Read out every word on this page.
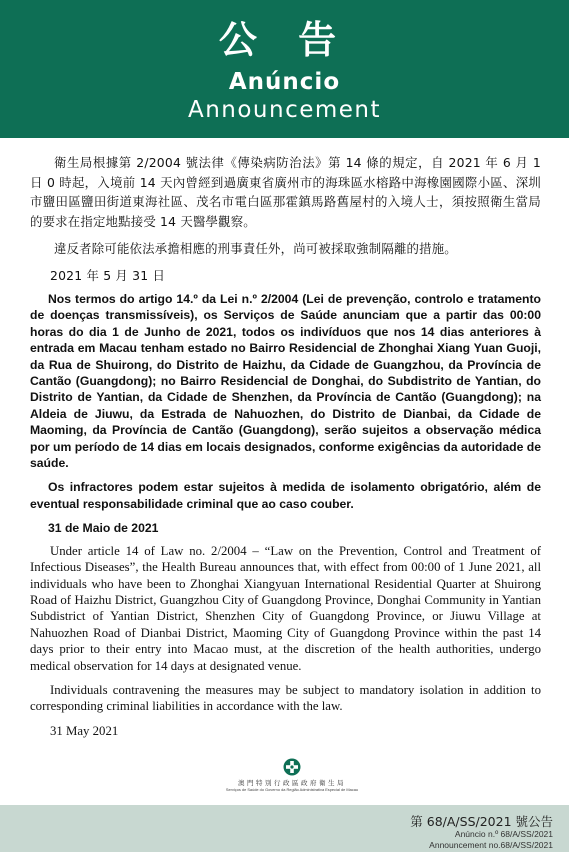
公 告
Anúncio
Announcement

衛生局根據第 2/2004 號法律《傳染病防治法》第 14 條的規定，自 2021 年 6 月 1 日 0 時起，入境前 14 天內曾經到過廣東省廣州市的海珠區水榕路中海橡園國際小區、深圳市鹽田區鹽田街道東海社區、茂名市電白區那霍鎮馬路舊屋村的入境人士，須按照衛生當局的要求在指定地點接受 14 天醫學觀察。

違反者除可能依法承擔相應的刑事責任外，尚可被採取強制隔離的措施。

2021 年 5 月 31 日

Nos termos do artigo 14.º da Lei n.º 2/2004 (Lei de prevenção, controlo e tratamento de doenças transmissíveis), os Serviços de Saúde anunciam que a partir das 00:00 horas do dia 1 de Junho de 2021, todos os indivíduos que nos 14 dias anteriores à entrada em Macau tenham estado no Bairro Residencial de Zhonghai Xiang Yuan Guoji, da Rua de Shuirong, do Distrito de Haizhu, da Cidade de Guangzhou, da Província de Cantão (Guangdong); no Bairro Residencial de Donghai, do Subdistrito de Yantian, do Distrito de Yantian, da Cidade de Shenzhen, da Província de Cantão (Guangdong); na Aldeia de Jiuwu, da Estrada de Nahuozhen, do Distrito de Dianbai, da Cidade de Maoming, da Província de Cantão (Guangdong), serão sujeitos a observação médica por um período de 14 dias em locais designados, conforme exigências da autoridade de saúde.

Os infractores podem estar sujeitos à medida de isolamento obrigatório, além de eventual responsabilidade criminal que ao caso couber.

31 de Maio de 2021

Under article 14 of Law no. 2/2004 – “Law on the Prevention, Control and Treatment of Infectious Diseases”, the Health Bureau announces that, with effect from 00:00 of 1 June 2021, all individuals who have been to Zhonghai Xiangyuan International Residential Quarter at Shuirong Road of Haizhu District, Guangzhou City of Guangdong Province, Donghai Community in Yantian Subdistrict of Yantian District, Shenzhen City of Guangdong Province, or Jiuwu Village at Nahuozhen Road of Dianbai District, Maoming City of Guangdong Province within the past 14 days prior to their entry into Macao must, at the discretion of the health authorities, undergo medical observation for 14 days at designated venue.

Individuals contravening the measures may be subject to mandatory isolation in addition to corresponding criminal liabilities in accordance with the law.

31 May 2021

澳門特別行政區政府衛生局
Serviços de Saúde do Governo da Região Administrativa Especial de Macau
第 68/A/SS/2021 號公告
Anúncio n.º 68/A/SS/2021
Announcement no.68/A/SS/2021
